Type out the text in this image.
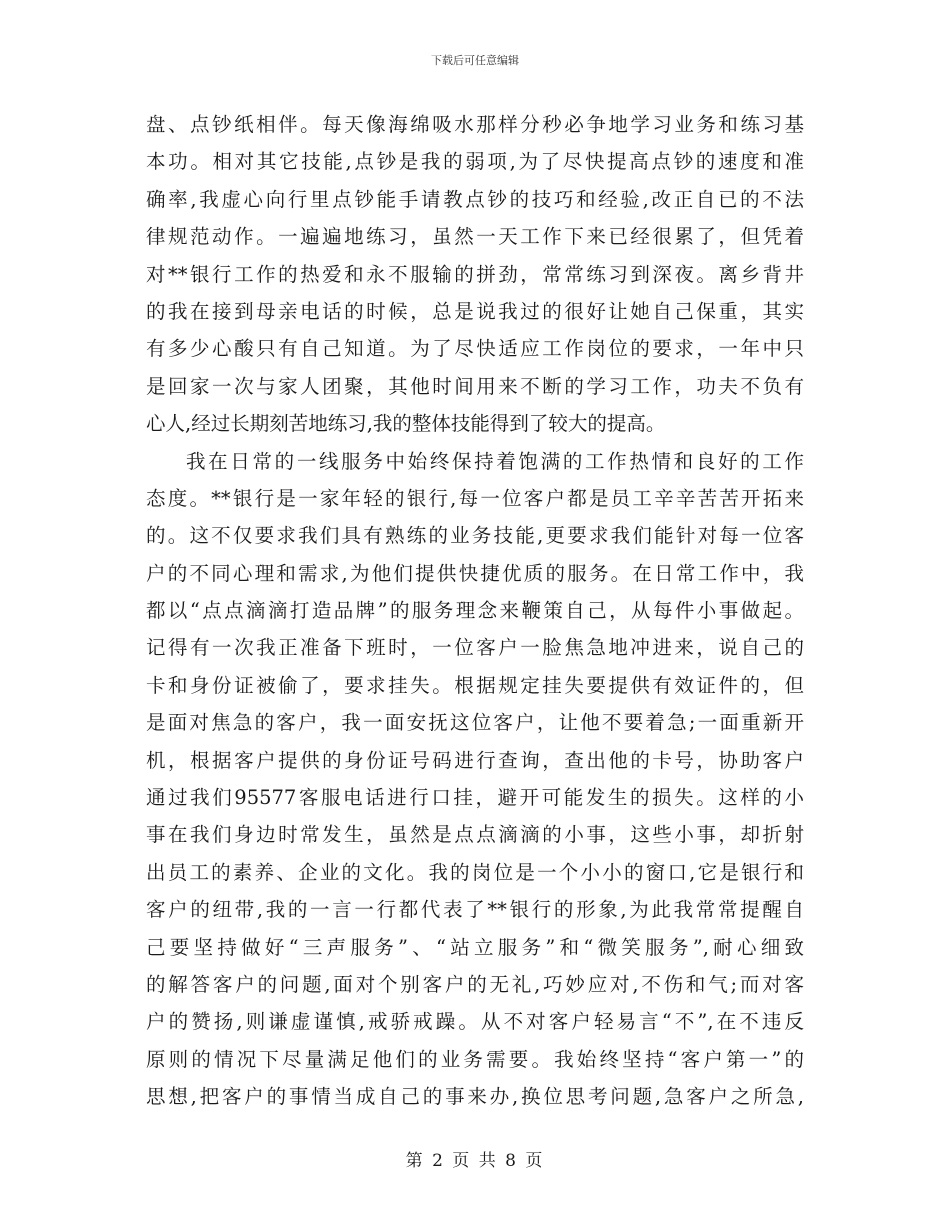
下载后可任意编辑
盘、点钞纸相伴。每天像海绵吸水那样分秒必争地学习业务和练习基
本功。相对其它技能,点钞是我的弱项,为了尽快提高点钞的速度和准
确率,我虚心向行里点钞能手请教点钞的技巧和经验,改正自已的不法
律规范动作。一遍遍地练习，虽然一天工作下来已经很累了，但凭着
对**银行工作的热爱和永不服输的拼劲，常常练习到深夜。离乡背井
的我在接到母亲电话的时候，总是说我过的很好让她自己保重，其实
有多少心酸只有自己知道。为了尽快适应工作岗位的要求，一年中只
是回家一次与家人团聚，其他时间用来不断的学习工作，功夫不负有
心人,经过长期刻苦地练习,我的整体技能得到了较大的提高。
我在日常的一线服务中始终保持着饱满的工作热情和良好的工作
态度。**银行是一家年轻的银行,每一位客户都是员工辛辛苦苦开拓来
的。这不仅要求我们具有熟练的业务技能,更要求我们能针对每一位客
户的不同心理和需求,为他们提供快捷优质的服务。在日常工作中，我
都以“点点滴滴打造品牌”的服务理念来鞭策自己，从每件小事做起。
记得有一次我正准备下班时，一位客户一脸焦急地冲进来，说自己的
卡和身份证被偷了，要求挂失。根据规定挂失要提供有效证件的，但
是面对焦急的客户，我一面安抚这位客户，让他不要着急;一面重新开
机，根据客户提供的身份证号码进行查询，查出他的卡号，协助客户
通过我们95577客服电话进行口挂，避开可能发生的损失。这样的小
事在我们身边时常发生，虽然是点点滴滴的小事，这些小事，却折射
出员工的素养、企业的文化。我的岗位是一个小小的窗口,它是银行和
客户的纽带,我的一言一行都代表了**银行的形象,为此我常常提醒自
己要坚持做好“三声服务”、“站立服务”和“微笑服务”,耐心细致
的解答客户的问题,面对个别客户的无礼,巧妙应对,不伤和气;而对客
户的赞扬,则谦虚谨慎,戒骄戒躁。从不对客户轻易言“不”,在不违反
原则的情况下尽量满足他们的业务需要。我始终坚持“客户第一”的
思想,把客户的事情当成自己的事来办,换位思考问题,急客户之所急,
第 2 页 共 8 页
